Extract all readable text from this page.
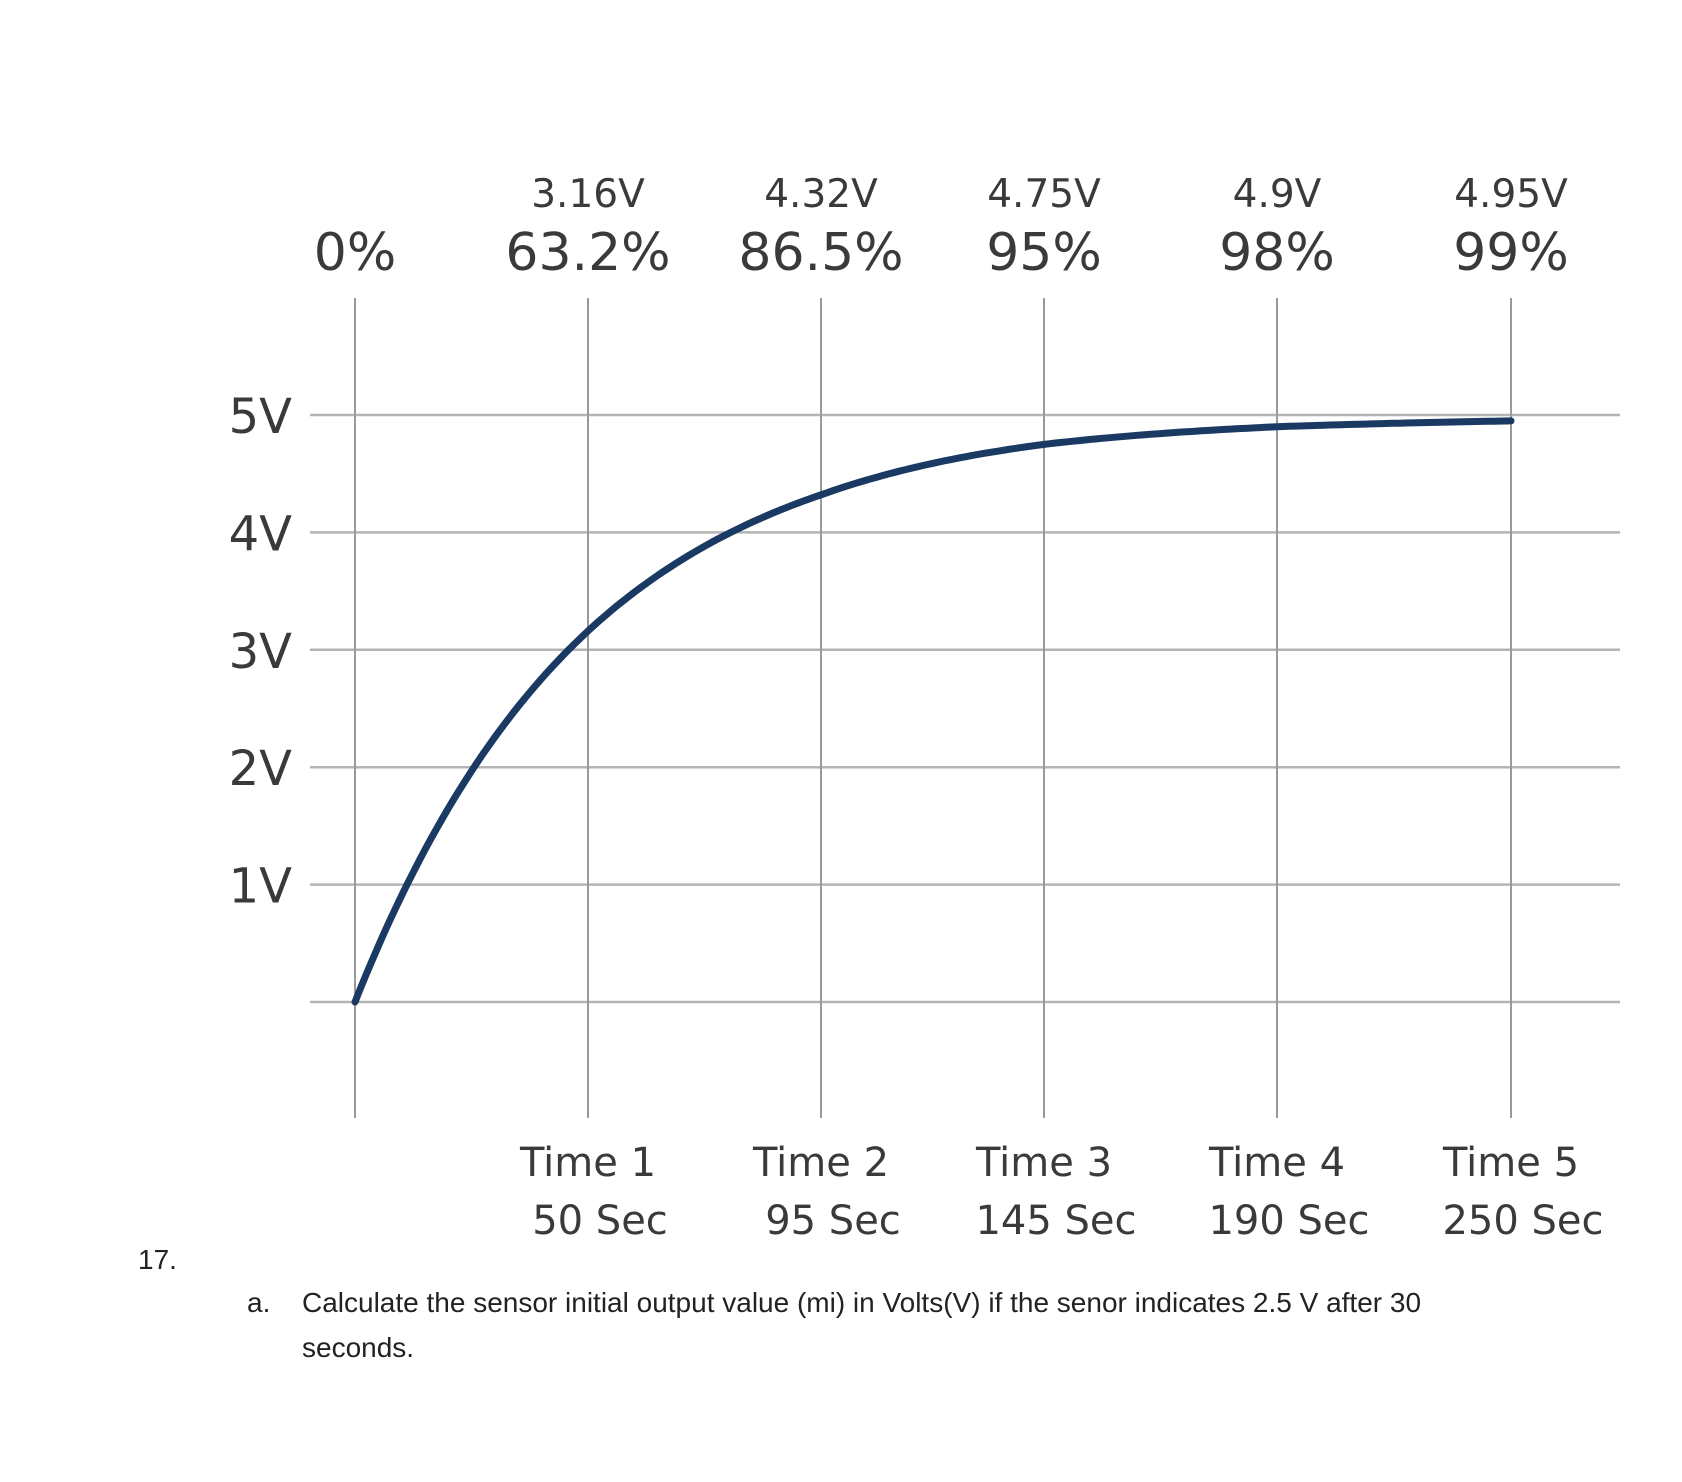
5V
4V
3V
2V
1V
0%
3.16V
63.2%
4.32V
86.5%
4.75V
95%
4.9V
98%
4.95V
99%
Time 1
50 Sec
Time 2
95 Sec
Time 3
145 Sec
Time 4
190 Sec
Time 5
250 Sec
17.
a. Calculate the sensor initial output value (mi) in Volts(V) if the senor indicates 2.5 V after 30 seconds.
